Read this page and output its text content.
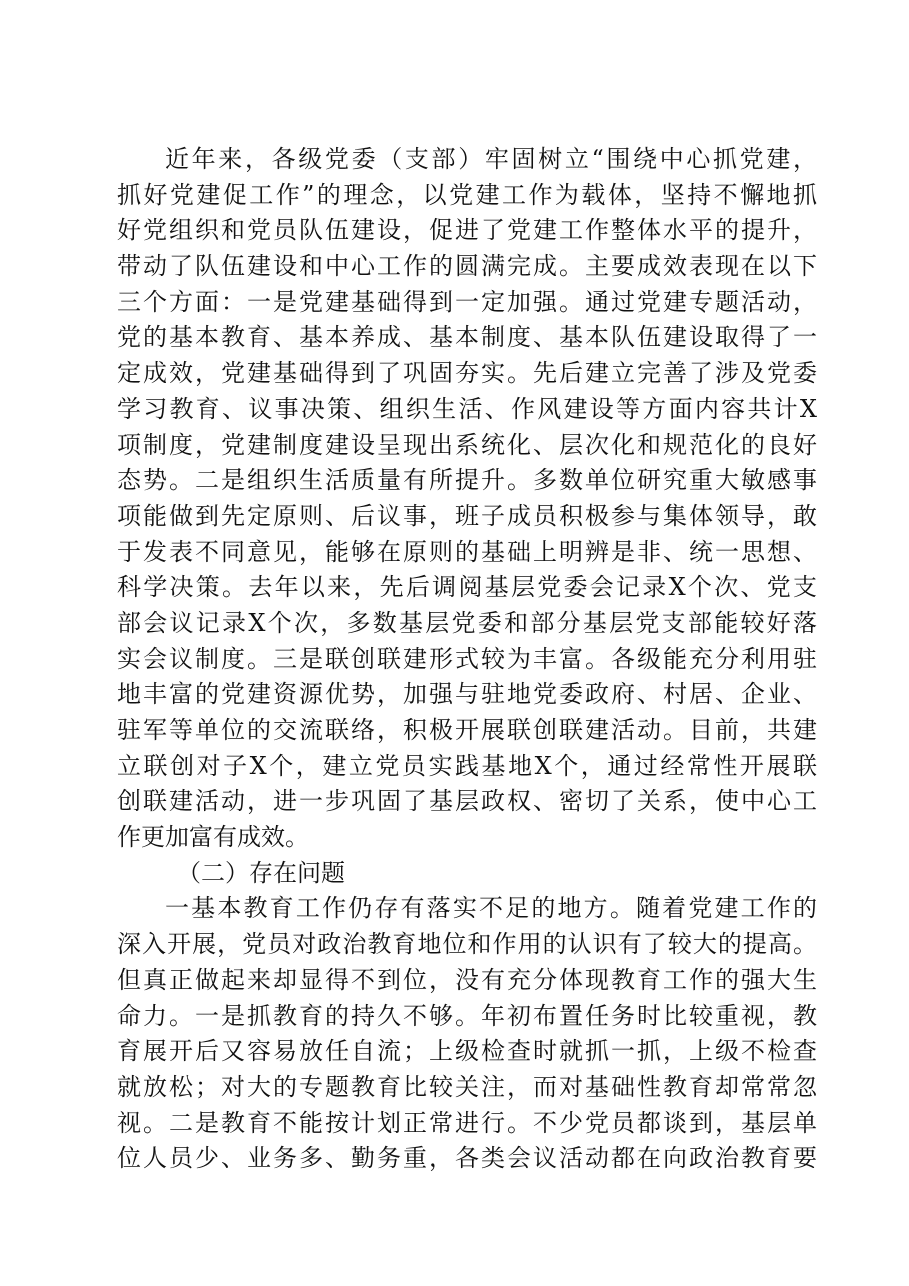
近年来，各级党委（支部）牢固树立“围绕中心抓党建，
抓好党建促工作”的理念，以党建工作为载体，坚持不懈地抓
好党组织和党员队伍建设，促进了党建工作整体水平的提升，
带动了队伍建设和中心工作的圆满完成。主要成效表现在以下
三个方面：一是党建基础得到一定加强。通过党建专题活动，
党的基本教育、基本养成、基本制度、基本队伍建设取得了一
定成效，党建基础得到了巩固夯实。先后建立完善了涉及党委
学习教育、议事决策、组织生活、作风建设等方面内容共计X
项制度，党建制度建设呈现出系统化、层次化和规范化的良好
态势。二是组织生活质量有所提升。多数单位研究重大敏感事
项能做到先定原则、后议事，班子成员积极参与集体领导，敢
于发表不同意见，能够在原则的基础上明辨是非、统一思想、
科学决策。去年以来，先后调阅基层党委会记录X个次、党支
部会议记录X个次，多数基层党委和部分基层党支部能较好落
实会议制度。三是联创联建形式较为丰富。各级能充分利用驻
地丰富的党建资源优势，加强与驻地党委政府、村居、企业、
驻军等单位的交流联络，积极开展联创联建活动。目前，共建
立联创对子X个，建立党员实践基地X个，通过经常性开展联
创联建活动，进一步巩固了基层政权、密切了关系，使中心工
作更加富有成效。
（二）存在问题
一基本教育工作仍存有落实不足的地方。随着党建工作的
深入开展，党员对政治教育地位和作用的认识有了较大的提高。
但真正做起来却显得不到位，没有充分体现教育工作的强大生
命力。一是抓教育的持久不够。年初布置任务时比较重视，教
育展开后又容易放任自流；上级检查时就抓一抓，上级不检查
就放松；对大的专题教育比较关注，而对基础性教育却常常忽
视。二是教育不能按计划正常进行。不少党员都谈到，基层单
位人员少、业务多、勤务重，各类会议活动都在向政治教育要
